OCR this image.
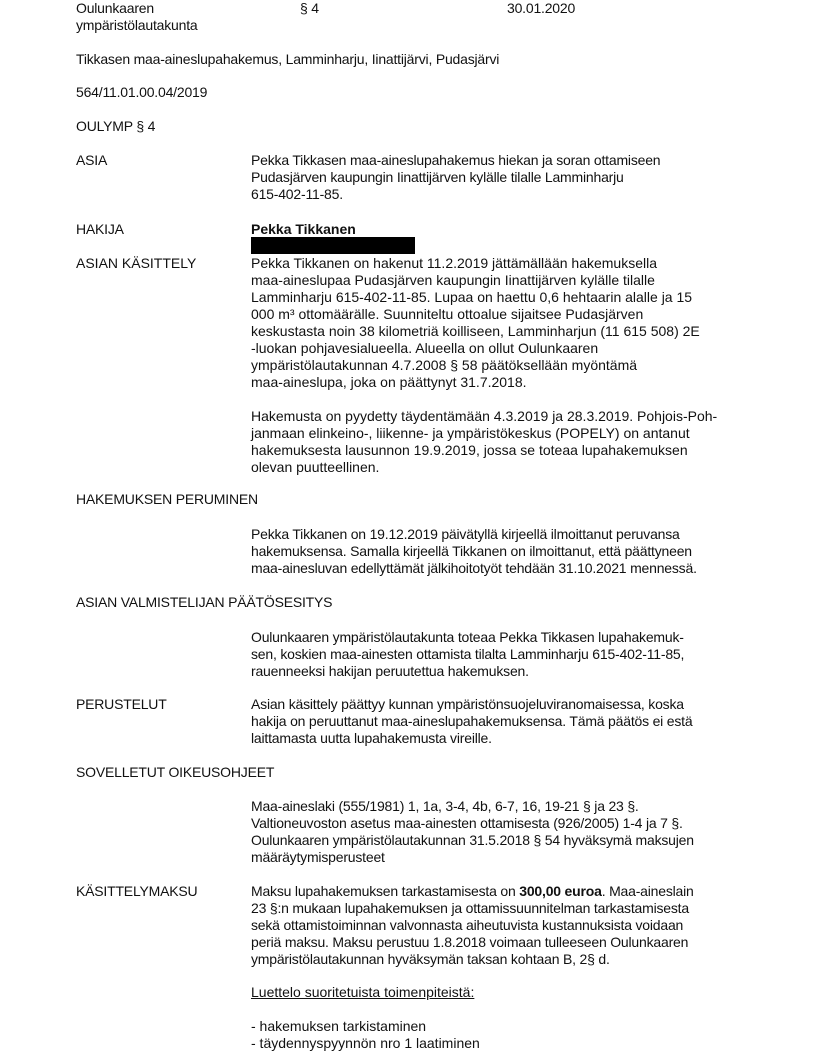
Oulunkaaren
ympäristölautakunta
§ 4	30.01.2020
Tikkasen maa-aineslupahakemus, Lamminharju, Iinattijärvi, Pudasjärvi
564/11.01.00.04/2019
OULYMP § 4
ASIA	Pekka Tikkasen maa-aineslupahakemus hiekan ja soran ottamiseen
Pudasjärven kaupungin Iinattijärven kylälle tilalle Lamminharju
615-402-11-85.
HAKIJA	Pekka Tikkanen
ASIAN KÄSITTELY	Pekka Tikkanen on hakenut 11.2.2019 jättämällään hakemuksella
maa-aineslupaa Pudasjärven kaupungin Iinattijärven kylälle tilalle
Lamminharju 615-402-11-85. Lupaa on haettu 0,6 hehtaarin alalle ja 15
000 m³ ottomäärälle. Suunniteltu ottoalue sijaitsee Pudasjärven
keskustasta noin 38 kilometriä koilliseen, Lamminharjun (11 615 508) 2E
-luokan pohjavesialueella. Alueella on ollut Oulunkaaren
ympäristölautakunnan 4.7.2008 § 58 päätöksellään myöntämä
maa-aineslupa, joka on päättynyt 31.7.2018.
Hakemusta on pyydetty täydentämään 4.3.2019 ja 28.3.2019. Pohjois-Poh-
janmaan elinkeino-, liikenne- ja ympäristökeskus (POPELY) on antanut
hakemuksesta lausunnon 19.9.2019, jossa se toteaa lupahakemuksen
olevan puutteellinen.
HAKEMUKSEN PERUMINEN
Pekka Tikkanen on 19.12.2019 päivätyllä kirjeellä ilmoittanut peruvansa
hakemuksensa. Samalla kirjeellä Tikkanen on ilmoittanut, että päättyneen
maa-ainesluvan edellyttämät jälkihoitotyöt tehdään 31.10.2021 mennessä.
ASIAN VALMISTELIJAN PÄÄTÖSESITYS
Oulunkaaren ympäristölautakunta toteaa Pekka Tikkasen lupahakemuk-
sen, koskien maa-ainesten ottamista tilalta Lamminharju 615-402-11-85,
rauenneeksi hakijan peruutettua hakemuksen.
PERUSTELUT	Asian käsittely päättyy kunnan ympäristönsuojeluviranomaisessa, koska
hakija on peruuttanut maa-aineslupahakemuksensa. Tämä päätös ei estä
laittamasta uutta lupahakemusta vireille.
SOVELLETUT OIKEUSOHJEET
Maa-aineslaki (555/1981) 1, 1a, 3-4, 4b, 6-7, 16, 19-21 § ja 23 §.
Valtioneuvoston asetus maa-ainesten ottamisesta (926/2005) 1-4 ja 7 §.
Oulunkaaren ympäristölautakunnan 31.5.2018 § 54 hyväksymä maksujen
määräytymisperusteet
KÄSITTELYMAKSU	Maksu lupahakemuksen tarkastamisesta on 300,00 euroa. Maa-aineslain
23 §:n mukaan lupahakemuksen ja ottamissuunnitelman tarkastamisesta
sekä ottamistoiminnan valvonnasta aiheutuvista kustannuksista voidaan
periä maksu. Maksu perustuu 1.8.2018 voimaan tulleeseen Oulunkaaren
ympäristölautakunnan hyväksymän taksan kohtaan B, 2§ d.
Luettelo suoritetuista toimenpiteistä:
- hakemuksen tarkistaminen
- täydennyspyynnön nro 1 laatiminen
